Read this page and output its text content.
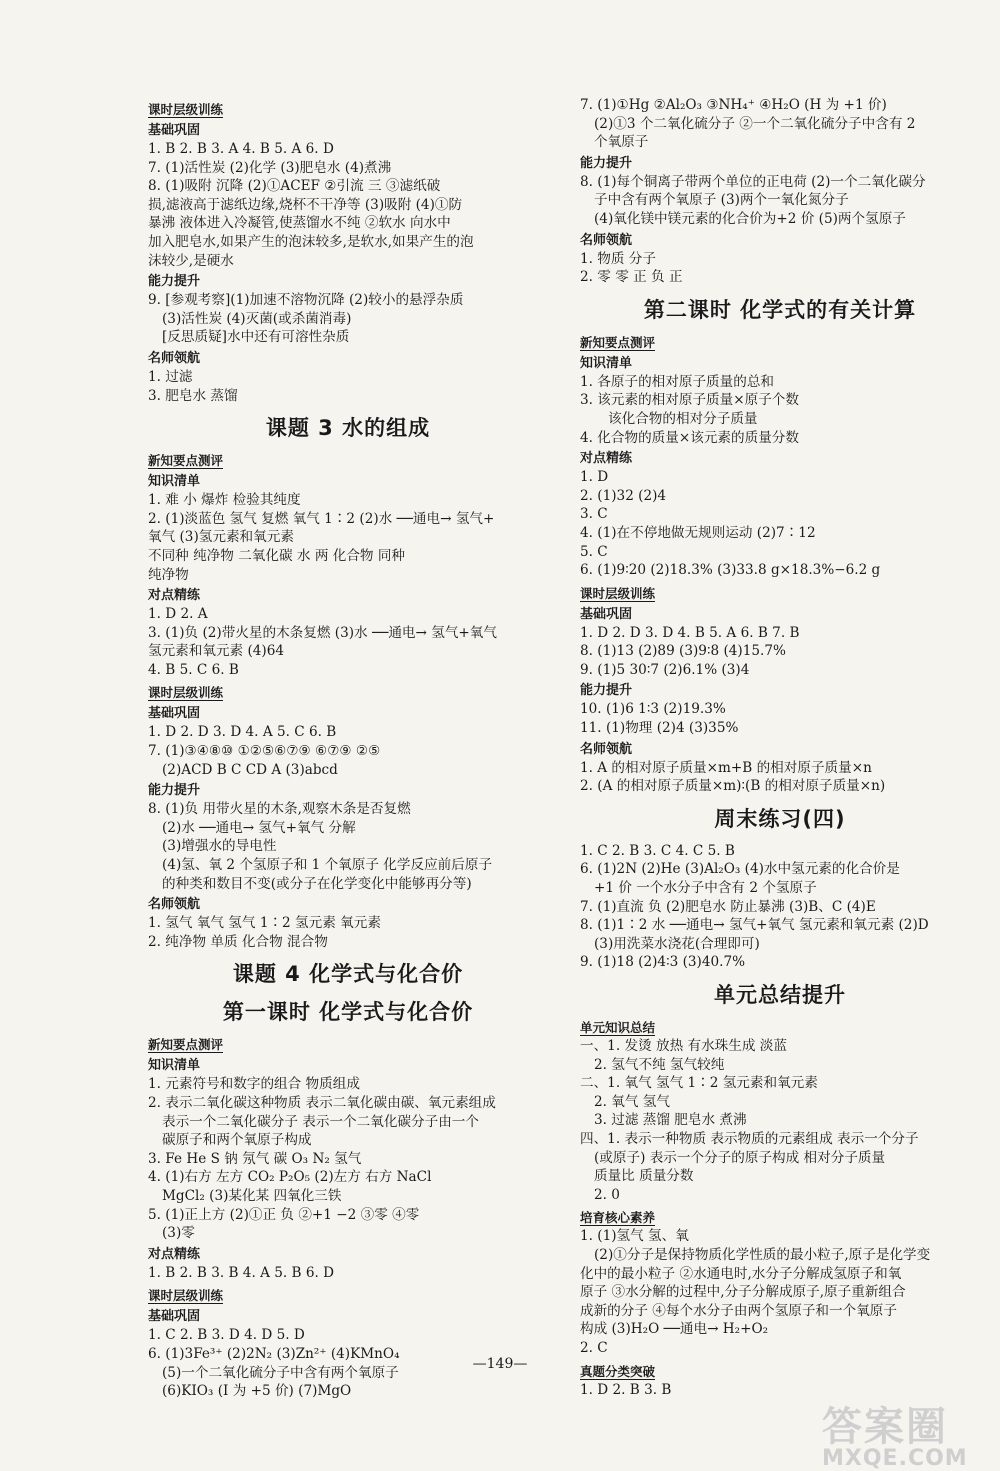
课时层级训练
基础巩固
1. B 2. B 3. A 4. B 5. A 6. D
7. (1)活性炭 (2)化学 (3)肥皂水 (4)煮沸
8. (1)吸附 沉降 (2)①ACEF ②引流 三 ③滤纸破
损,滤液高于滤纸边缘,烧杯不干净等 (3)吸附 (4)①防
暴沸 液体进入冷凝管,使蒸馏水不纯 ②软水 向水中
加入肥皂水,如果产生的泡沫较多,是软水,如果产生的泡
沫较少,是硬水
能力提升
9. [参观考察](1)加速不溶物沉降 (2)较小的悬浮杂质
(3)活性炭 (4)灭菌(或杀菌消毒)
[反思质疑]水中还有可溶性杂质
名师领航
1. 过滤
3. 肥皂水 蒸馏
课题 3 水的组成
新知要点测评
知识清单
1. 难 小 爆炸 检验其纯度
2. (1)淡蓝色 氢气 复燃 氧气 1∶2 (2)水 ──通电→ 氢气+
氧气 (3)氢元素和氧元素
不同种 纯净物 二氧化碳 水 两 化合物 同种
纯净物
对点精练
1. D 2. A
3. (1)负 (2)带火星的木条复燃 (3)水 ──通电→ 氢气+氧气
氢元素和氧元素 (4)64
4. B 5. C 6. B
课时层级训练
基础巩固
1. D 2. D 3. D 4. A 5. C 6. B
7. (1)③④⑧⑩ ①②⑤⑥⑦⑨ ⑥⑦⑨ ②⑤
(2)ACD B C CD A (3)abcd
能力提升
8. (1)负 用带火星的木条,观察木条是否复燃
(2)水 ──通电→ 氢气+氧气 分解
(3)增强水的导电性
(4)氢、氧 2 个氢原子和 1 个氧原子 化学反应前后原子
的种类和数目不变(或分子在化学变化中能够再分等)
名师领航
1. 氢气 氧气 氢气 1∶2 氢元素 氧元素
2. 纯净物 单质 化合物 混合物
课题 4 化学式与化合价
第一课时 化学式与化合价
新知要点测评
知识清单
1. 元素符号和数字的组合 物质组成
2. 表示二氧化碳这种物质 表示二氧化碳由碳、氧元素组成
表示一个二氧化碳分子 表示一个二氧化碳分子由一个
碳原子和两个氧原子构成
3. Fe He S 钠 氖气 碳 O₃ N₂ 氢气
4. (1)右方 左方 CO₂ P₂O₅ (2)左方 右方 NaCl
MgCl₂ (3)某化某 四氧化三铁
5. (1)正上方 (2)①正 负 ②+1 −2 ③零 ④零
(3)零
对点精练
1. B 2. B 3. B 4. A 5. B 6. D
课时层级训练
基础巩固
1. C 2. B 3. D 4. D 5. D
6. (1)3Fe³⁺ (2)2N₂ (3)Zn²⁺ (4)KMnO₄
(5)一个二氧化硫分子中含有两个氧原子
(6)KIO₃ (I 为 +5 价) (7)MgO
7. (1)①Hg ②Al₂O₃ ③NH₄⁺ ④H₂O (H 为 +1 价)
(2)①3 个二氧化硫分子 ②一个二氧化硫分子中含有 2
个氧原子
能力提升
8. (1)每个铜离子带两个单位的正电荷 (2)一个二氧化碳分
子中含有两个氧原子 (3)两个一氧化氮分子
(4)氧化镁中镁元素的化合价为+2 价 (5)两个氢原子
名师领航
1. 物质 分子
2. 零 零 正 负 正
第二课时 化学式的有关计算
新知要点测评
知识清单
1. 各原子的相对原子质量的总和
3. 该元素的相对原子质量×原子个数
该化合物的相对分子质量
4. 化合物的质量×该元素的质量分数
对点精练
1. D
2. (1)32 (2)4
3. C
4. (1)在不停地做无规则运动 (2)7∶12
5. C
6. (1)9∶20 (2)18.3% (3)33.8 g×18.3%−6.2 g
课时层级训练
基础巩固
1. D 2. D 3. D 4. B 5. A 6. B 7. B
8. (1)13 (2)89 (3)9∶8 (4)15.7%
9. (1)5 30∶7 (2)6.1% (3)4
能力提升
10. (1)6 1∶3 (2)19.3%
11. (1)物理 (2)4 (3)35%
名师领航
1. A 的相对原子质量×m+B 的相对原子质量×n
2. (A 的相对原子质量×m)∶(B 的相对原子质量×n)
周末练习(四)
1. C 2. B 3. C 4. C 5. B
6. (1)2N (2)He (3)Al₂O₃ (4)水中氢元素的化合价是
+1 价 一个水分子中含有 2 个氢原子
7. (1)直流 负 (2)肥皂水 防止暴沸 (3)B、C (4)E
8. (1)1∶2 水 ──通电→ 氢气+氧气 氢元素和氧元素 (2)D
(3)用洗菜水浇花(合理即可)
9. (1)18 (2)4∶3 (3)40.7%
单元总结提升
单元知识总结
一、1. 发烫 放热 有水珠生成 淡蓝
2. 氢气不纯 氢气较纯
二、1. 氧气 氢气 1∶2 氢元素和氧元素
2. 氧气 氢气
3. 过滤 蒸馏 肥皂水 煮沸
四、1. 表示一种物质 表示物质的元素组成 表示一个分子
(或原子) 表示一个分子的原子构成 相对分子质量
质量比 质量分数
2. 0
培育核心素养
1. (1)氢气 氢、氧
(2)①分子是保持物质化学性质的最小粒子,原子是化学变
化中的最小粒子 ②水通电时,水分子分解成氢原子和氧
原子 ③水分解的过程中,分子分解成原子,原子重新组合
成新的分子 ④每个水分子由两个氢原子和一个氧原子
构成 (3)H₂O ──通电→ H₂+O₂
2. C
真题分类突破
1. D 2. B 3. B
—149—
答案圈
MXQE.COM
